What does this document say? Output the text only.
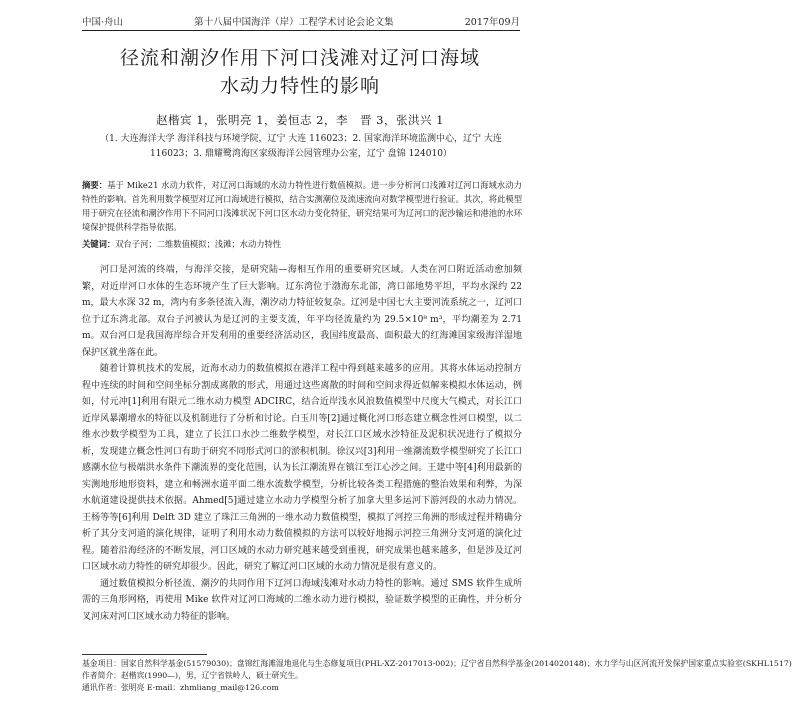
中国·舟山	第十八届中国海洋（岸）工程学术讨论会论文集	2017年09月
径流和潮汐作用下河口浅滩对辽河口海域
水动力特性的影响
赵楷宾 1，张明亮 1，姜恒志 2，李　晋 3，张洪兴 1
（1. 大连海洋大学 海洋科技与环境学院，辽宁 大连 116023；2. 国家海洋环境监测中心，辽宁 大连
116023；3. 鼎耀鹭湾海区家级海洋公园管理办公室，辽宁 盘锦 124010）

摘要：基于 Mike21 水动力软件，对辽河口海域的水动力特性进行数值模拟。进一步分析河口浅滩对辽河口海域水动力特性的影响。首先利用数学模型对辽河口海域进行模拟，结合实测潮位及流速流向对数学模型进行验证。其次，将此模型用于研究在径流和潮汐作用下不同河口浅滩状况下河口区水动力变化特征，研究结果可为辽河口的泥沙输运和港池的水环境保护提供科学指导依据。

关键词：双台子河；二维数值模拟；浅滩；水动力特性

河口是河流的终端，与海洋交接，是研究陆—海相互作用的重要研究区域。人类在河口附近活动愈加频繁，对近岸河口水体的生态环境产生了巨大影响。辽东湾位于渤海东北部，湾口部地势平坦，平均水深约 22 m，最大水深 32 m，湾内有多条径流入海，潮汐动力特征较复杂。辽河是中国七大主要河流系统之一，辽河口位于辽东湾北部。双台子河被认为是辽河的主要支流，年平均径流量约为 29.5×10⁸ m³，平均潮差为 2.71 m。双台河口是我国海岸综合开发利用的重要经济活动区，我国纬度最高、面积最大的红海滩国家级海洋湿地保护区就坐落在此。

随着计算机技术的发展，近海水动力的数值模拟在港洋工程中得到越来越多的应用。其将水体运动控制方程中连续的时间和空间坐标分割成离散的形式，用通过这些离散的时间和空间求得近似解来模拟水体运动，例如，付元冲[1]利用有限元二维水动力模型 ADCIRC，结合近岸浅水风浪数值模型中尺度大气模式，对长江口近岸风暴潮增水的特征以及机制进行了分析和讨论。白玉川等[2]通过概化河口形态建立概念性河口模型，以二维水沙数学模型为工具，建立了长江口水沙二维数学模型，对长江口区域水沙特征及泥积状况进行了模拟分析，发现建立概念性河口有助于研究不同形式河口的淤积机制。徐汉兴[3]利用一维潮流数学模型研究了长江口感潮水位与极端洪水条件下潮流界的变化范围，认为长江潮流界在镇江至江心沙之间。王建中等[4]利用最新的实测地形地形资料，建立和畅洲水道平面二维水流数学模型，分析比较各类工程措施的整治效果和利弊，为深水航道建设提供技术依据。Ahmed[5]通过建立水动力学模型分析了加拿大里多运河下游河段的水动力情况。王杨等等[6]利用 Delft 3D 建立了珠江三角洲的一维水动力数值模型，模拟了河控三角洲的形成过程并精确分析了其分支河道的演化规律，证明了利用水动力数值模拟的方法可以较好地揭示河控三角洲分支河道的演化过程。随着沿海经济的不断发展，河口区域的水动力研究越来越受到重视，研究成果也越来越多，但是涉及辽河口区域水动力特性的研究却很少。因此，研究了解辽河口区域的水动力情况是很有意义的。

通过数值模拟分析径流、潮汐的共同作用下辽河口海域浅滩对水动力特性的影响。通过 SMS 软件生成所需的三角形网格，再使用 Mike 软件对辽河口海域的二维水动力进行模拟，验证数学模型的正确性，并分析分叉河床对河口区域水动力特征的影响。

基金项目：国家自然科学基金(51579030)；盘锦红海滩湿地退化与生态修复项目(PHL-XZ-2017013-002)；辽宁省自然科学基金(2014020148)；水力学与山区河流开发保护国家重点实验室(SKHL1517)
作者简介：赵楷宾(1990—)，男，辽宁省铁岭人，硕士研究生。
通讯作者：张明亮 E-mail：zhmliang_mail@126.com
